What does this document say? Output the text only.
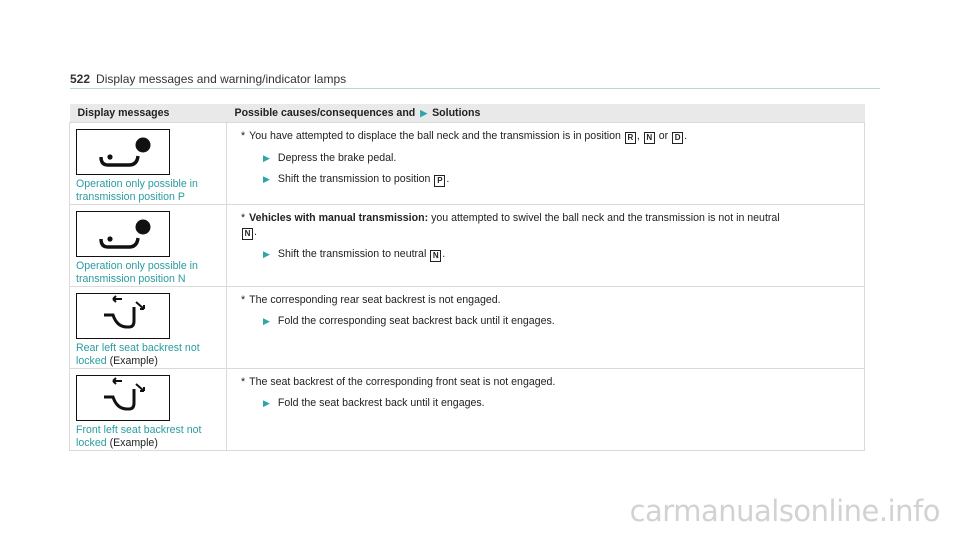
522 Display messages and warning/indicator lamps
Display messages	Possible causes/consequences and ▶ Solutions

Operation only possible in transmission position P	* You have attempted to displace the ball neck and the transmission is in position R , N or D .

▶ Depress the brake pedal.

▶ Shift the transmission to position P .

Operation only possible in transmission position N	* Vehicles with manual transmission: you attempted to swivel the ball neck and the transmission is not in neutral
N .

▶ Shift the transmission to neutral N .

Rear left seat backrest not locked (Example)	* The corresponding rear seat backrest is not engaged.

▶ Fold the corresponding seat backrest back until it engages.

Front left seat backrest not locked (Example)	* The seat backrest of the corresponding front seat is not engaged.

▶ Fold the seat backrest back until it engages.

carmanualsonline.info
